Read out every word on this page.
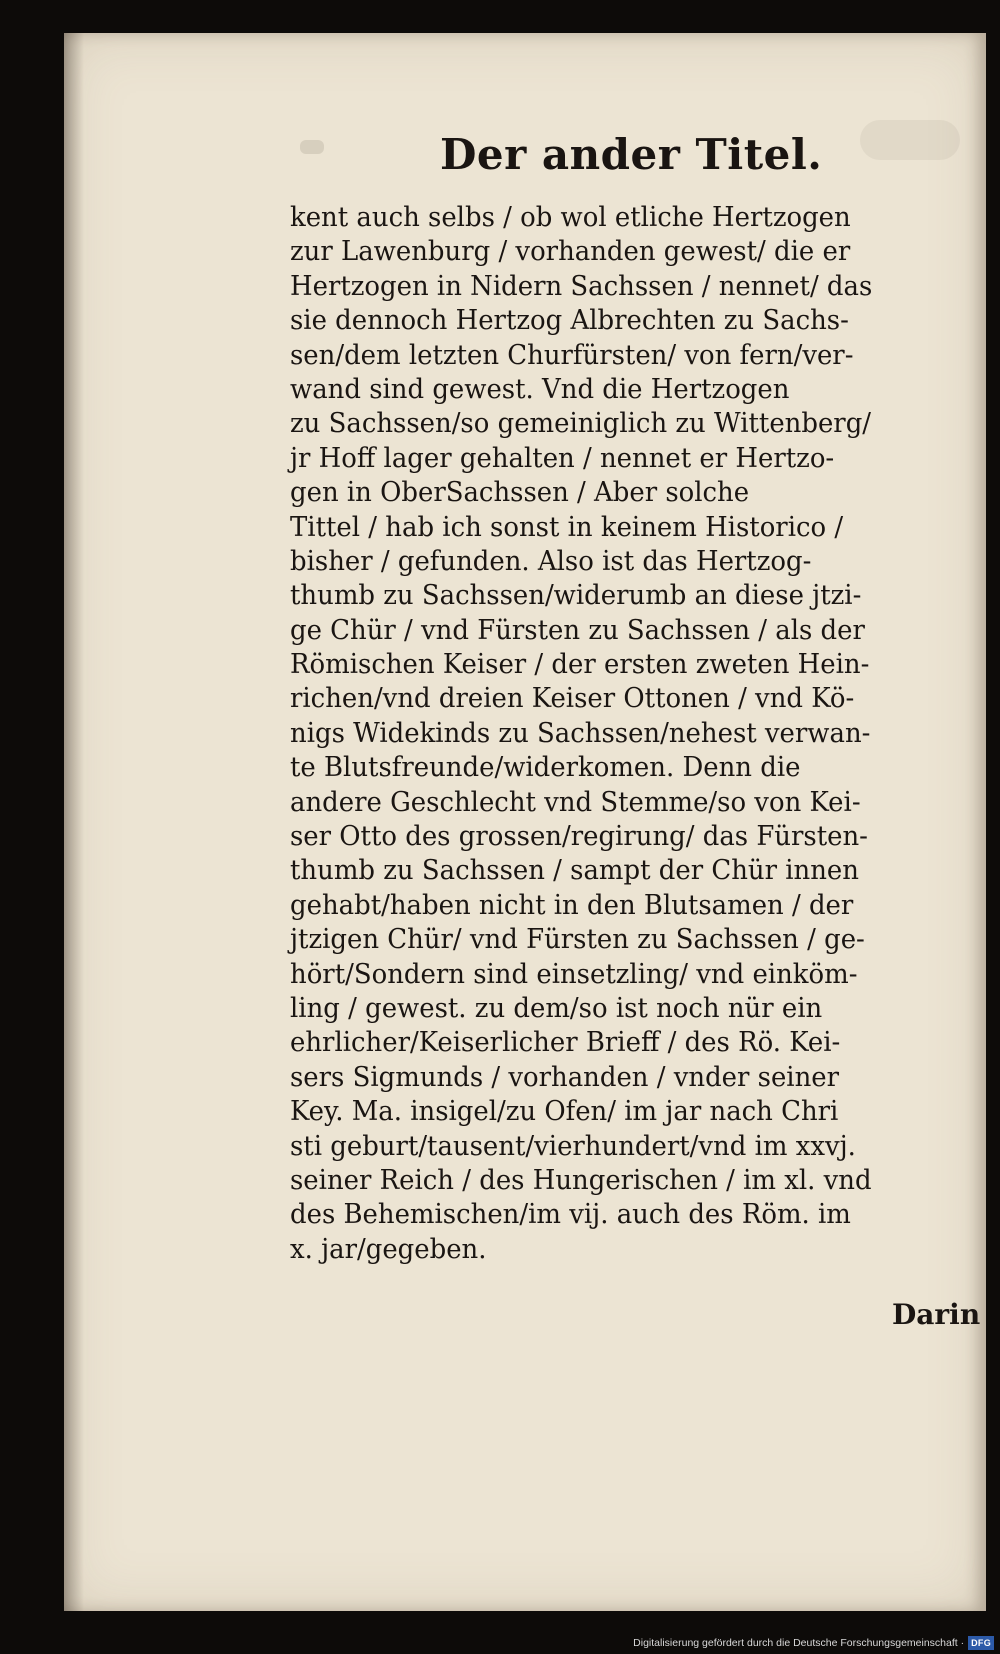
Der ander Titel.
kent auch selbs / ob wol etliche Hertzogen
zur Lawenburg / vorhanden gewest/ die er
Hertzogen in Nidern Sachssen / nennet/ das
sie dennoch Hertzog Albrechten zu Sachs-
sen/dem letzten Churfürsten/ von fern/ver-
wand sind gewest. Vnd die Hertzogen
zu Sachssen/so gemeiniglich zu Wittenberg/
jr Hoff lager gehalten / nennet er Hertzo-
gen in OberSachssen / Aber solche
Tittel / hab ich sonst in keinem Historico /
bisher / gefunden. Also ist das Hertzog-
thumb zu Sachssen/widerumb an diese jtzi-
ge Chür / vnd Fürsten zu Sachssen / als der
Römischen Keiser / der ersten zweten Hein-
richen/vnd dreien Keiser Ottonen / vnd Kö-
nigs Widekinds zu Sachssen/nehest verwan-
te Blutsfreunde/widerkomen. Denn die
andere Geschlecht vnd Stemme/so von Kei-
ser Otto des grossen/regirung/ das Fürsten-
thumb zu Sachssen / sampt der Chür innen
gehabt/haben nicht in den Blutsamen / der
jtzigen Chür/ vnd Fürsten zu Sachssen / ge-
hört/Sondern sind einsetzling/ vnd einköm-
ling / gewest. zu dem/so ist noch nür ein
ehrlicher/Keiserlicher Brieff / des Rö. Kei-
sers Sigmunds / vorhanden / vnder seiner
Key. Ma. insigel/zu Ofen/ im jar nach Chri
sti geburt/tausent/vierhundert/vnd im xxvj.
seiner Reich / des Hungerischen / im xl. vnd
des Behemischen/im vij. auch des Röm. im
x. jar/gegeben.
Darin
Digitalisierung gefördert durch die Deutsche Forschungsgemeinschaft · DFG
